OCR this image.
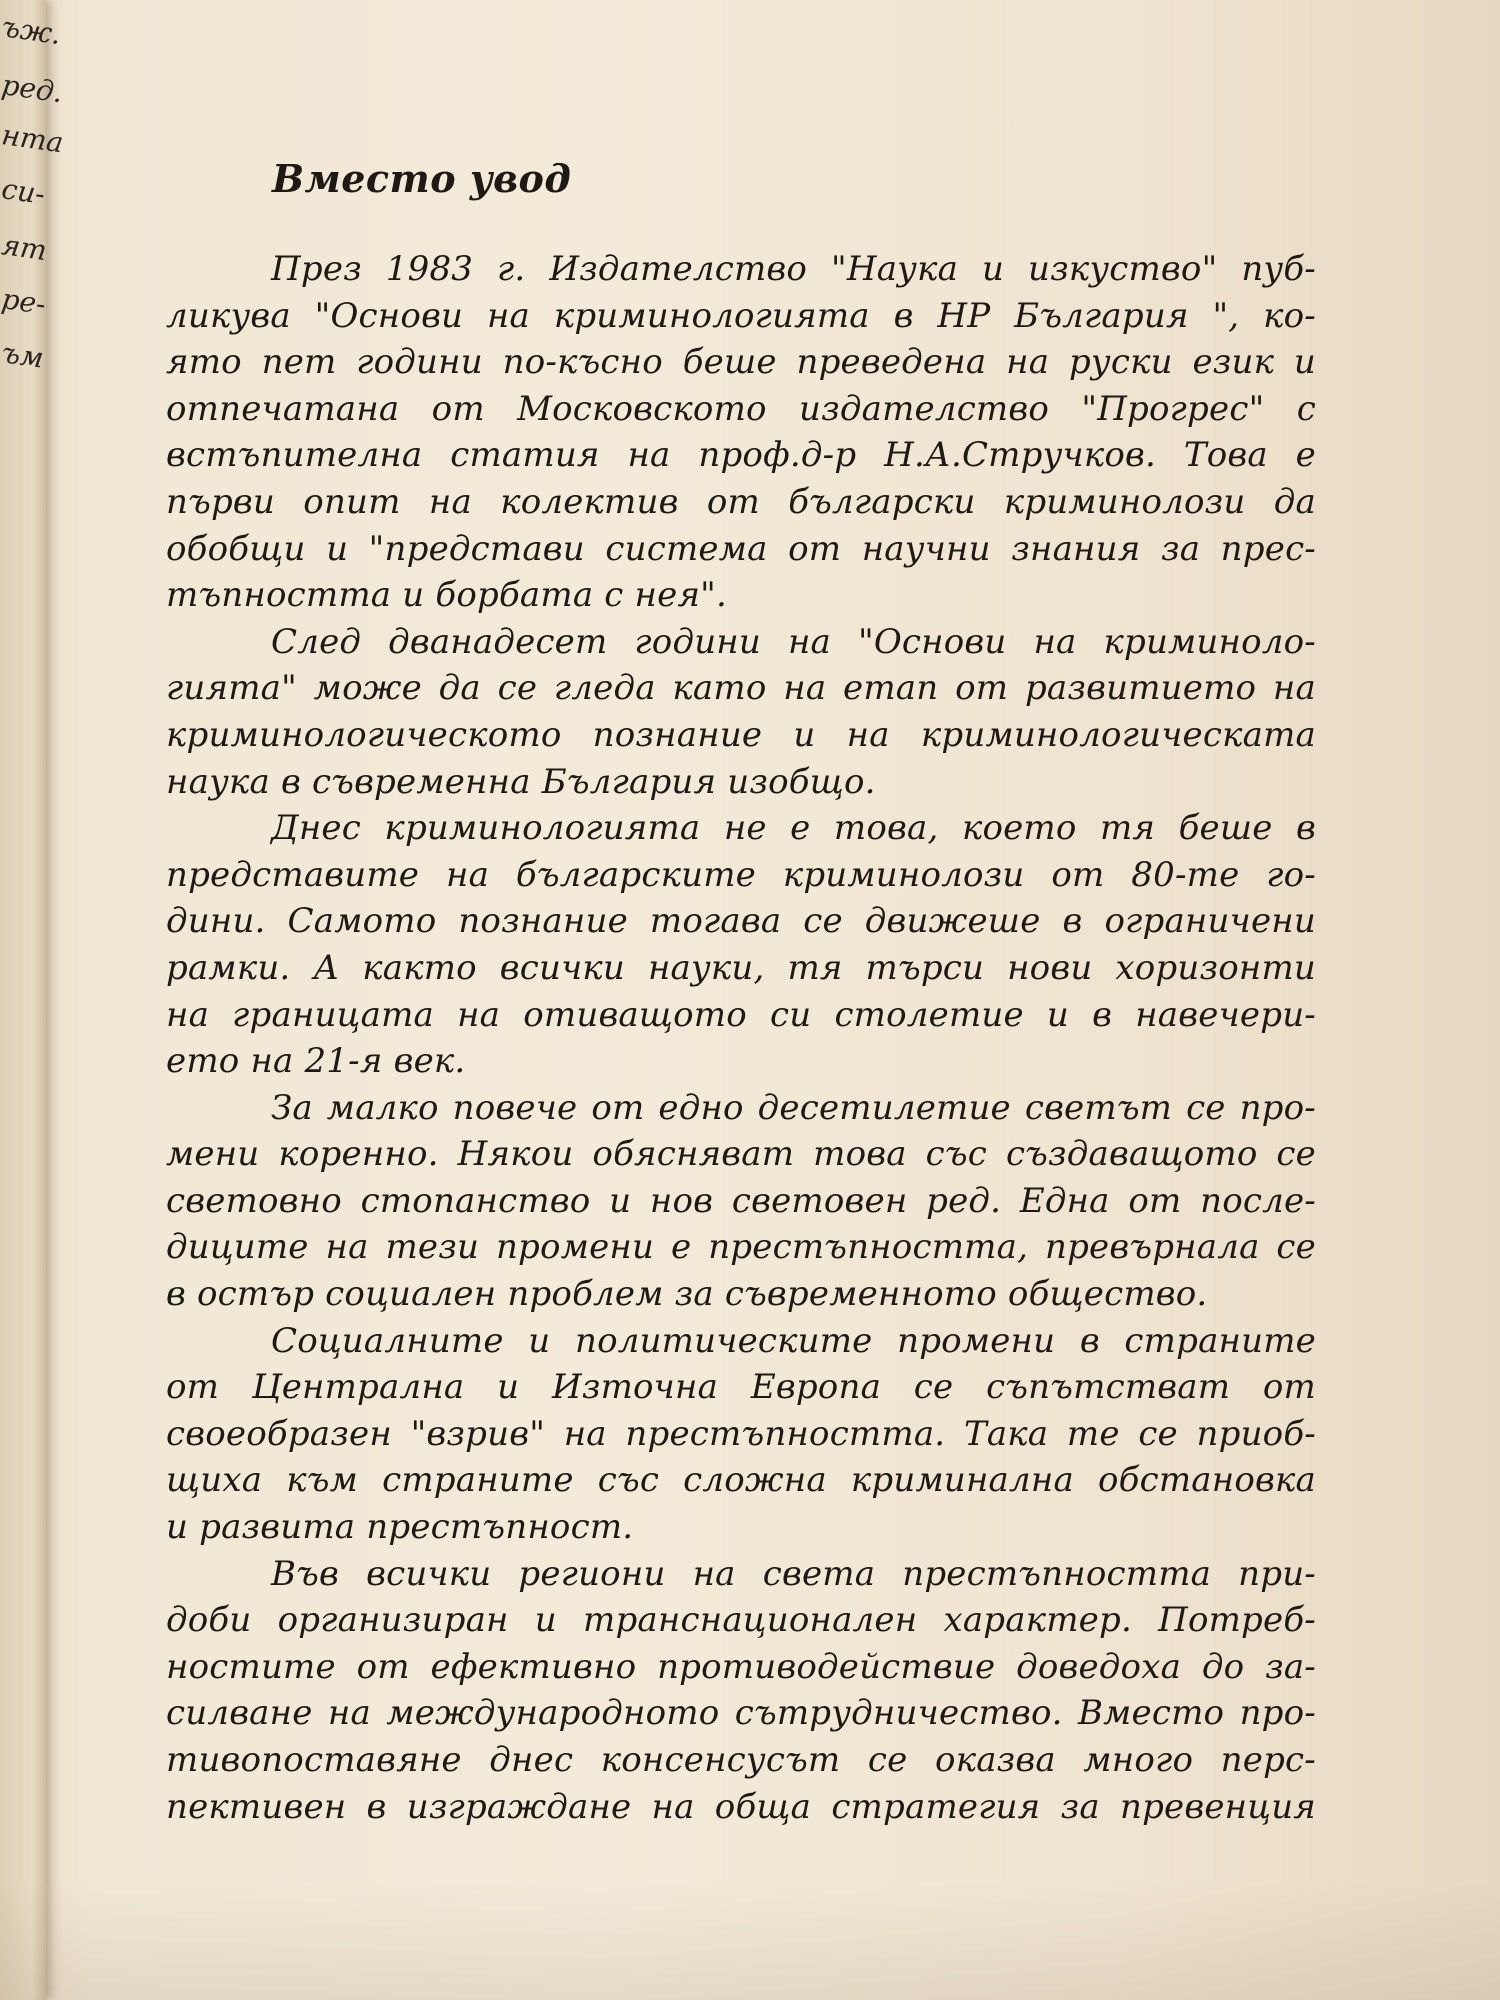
ъж.
ред.
нта
си-
ят
ре-
ъм
Вместо увод
През 1983 г. Издателство "Наука и изкуство" пуб-
ликува "Основи на криминологията в НР България ", ко-
ято пет години по-късно беше преведена на руски език и
отпечатана от Московското издателство "Прогрес" с
встъпителна статия на проф.д-р Н.А.Стручков. Това е
първи опит на колектив от български криминолози да
обобщи и "представи система от научни знания за прес-
тъпността и борбата с нея".
След дванадесет години на "Основи на криминоло-
гията" може да се гледа като на етап от развитието на
криминологическото познание и на криминологическата
наука в съвременна България изобщо.
Днес криминологията не е това, което тя беше в
представите на българските криминолози от 80-те го-
дини. Самото познание тогава се движеше в ограничени
рамки. А както всички науки, тя търси нови хоризонти
на границата на отиващото си столетие и в навечери-
ето на 21-я век.
За малко повече от едно десетилетие светът се про-
мени коренно. Някои обясняват това със създаващото се
световно стопанство и нов световен ред. Една от после-
диците на тези промени е престъпността, превърнала се
в остър социален проблем за съвременното общество.
Социалните и политическите промени в страните
от Централна и Източна Европа се съпътстват от
своеобразен "взрив" на престъпността. Така те се приоб-
щиха към страните със сложна криминална обстановка
и развита престъпност.
Във всички региони на света престъпността при-
доби организиран и транснационален характер. Потреб-
ностите от ефективно противодействие доведоха до за-
силване на международното сътрудничество. Вместо про-
тивопоставяне днес консенсусът се оказва много перс-
пективен в изграждане на обща стратегия за превенция
